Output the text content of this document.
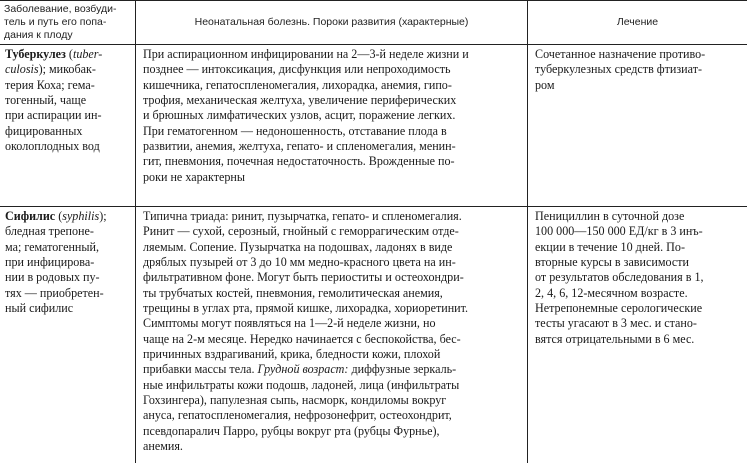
Заболевание, возбуди-
тель и путь его попа-
дания к плоду
Неонатальная болезнь. Пороки развития (характерные)	Лечение
Туберкулез (tuber-
culosis); микобак-
терия Коха; гема-
тогенный, чаще
при аспирации ин-
фицированных
околоплодных вод
При аспирационном инфицировании на 2—3-й неделе жизни и
позднее — интоксикация, дисфункция или непроходимость
кишечника, гепатоспленомегалия, лихорадка, анемия, гипо-
трофия, механическая желтуха, увеличение периферических
и брюшных лимфатических узлов, асцит, поражение легких.
При гематогенном — недоношенность, отставание плода в
развитии, анемия, желтуха, гепато- и спленомегалия, менин-
гит, пневмония, почечная недостаточность. Врожденные по-
роки не характерны
Сочетанное назначение противо-
туберкулезных средств фтизиат-
ром
Сифилис (syphilis);
бледная трепоне-
ма; гематогенный,
при инфицирова-
нии в родовых пу-
тях — приобретен-
ный сифилис
Типична триада: ринит, пузырчатка, гепато- и спленомегалия.
Ринит — сухой, серозный, гнойный с геморрагическим отде-
ляемым. Сопение. Пузырчатка на подошвах, ладонях в виде
дряблых пузырей от 3 до 10 мм медно-красного цвета на ин-
фильтративном фоне. Могут быть периоститы и остеохондри-
ты трубчатых костей, пневмония, гемолитическая анемия,
трещины в углах рта, прямой кишке, лихорадка, хориоретинит.
Симптомы могут появляться на 1—2-й неделе жизни, но
чаще на 2-м месяце. Нередко начинается с беспокойства, бес-
причинных вздрагиваний, крика, бледности кожи, плохой
прибавки массы тела. Грудной возраст: диффузные зеркаль-
ные инфильтраты кожи подошв, ладоней, лица (инфильтраты
Гохзингера), папулезная сыпь, насморк, кондиломы вокруг
ануса, гепатоспленомегалия, нефрозонефрит, остеохондрит,
псевдопаралич Парро, рубцы вокруг рта (рубцы Фурнье),
анемия.
Пенициллин в суточной дозе
100 000—150 000 ЕД/кг в 3 инъ-
екции в течение 10 дней. По-
вторные курсы в зависимости
от результатов обследования в 1,
2, 4, 6, 12-месячном возрасте.
Нетрепонемные серологические
тесты угасают в 3 мес. и стано-
вятся отрицательными в 6 мес.
